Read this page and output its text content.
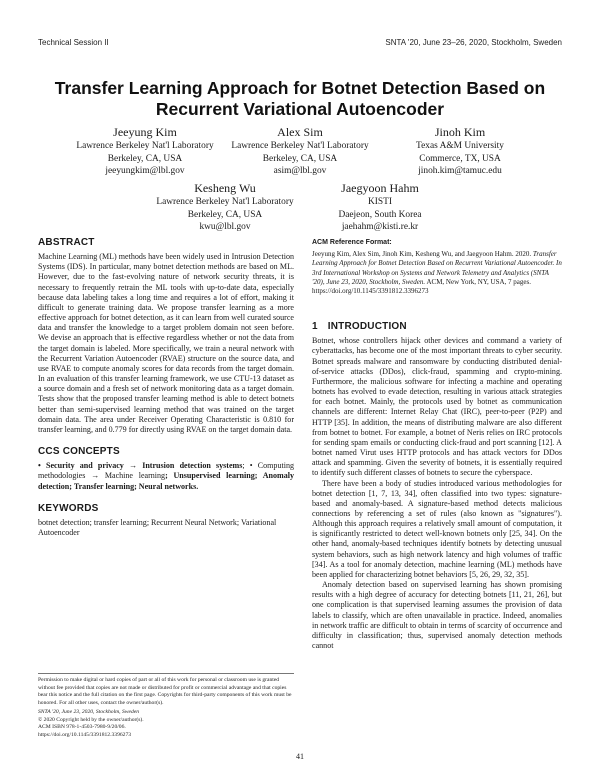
Technical Session II	SNTA '20, June 23–26, 2020, Stockholm, Sweden
Transfer Learning Approach for Botnet Detection Based on Recurrent Variational Autoencoder
Jeeyung Kim
Lawrence Berkeley Nat'l Laboratory
Berkeley, CA, USA
jeeyungkim@lbl.gov
Alex Sim
Lawrence Berkeley Nat'l Laboratory
Berkeley, CA, USA
asim@lbl.gov
Jinoh Kim
Texas A&M University
Commerce, TX, USA
jinoh.kim@tamuc.edu
Kesheng Wu
Lawrence Berkeley Nat'l Laboratory
Berkeley, CA, USA
kwu@lbl.gov
Jaegyoon Hahm
KISTI
Daejeon, South Korea
jaehahm@kisti.re.kr
ABSTRACT

Machine Learning (ML) methods have been widely used in Intrusion Detection Systems (IDS). In particular, many botnet detection methods are based on ML. However, due to the fast-evolving nature of network security threats, it is necessary to frequently retrain the ML tools with up-to-date data, especially because data labeling takes a long time and requires a lot of effort, making it difficult to generate training data. We propose transfer learning as a more effective approach for botnet detection, as it can learn from well curated source data and transfer the knowledge to a target problem domain not seen before. We devise an approach that is effective regardless whether or not the data from the target domain is labeled. More specifically, we train a neural network with the Recurrent Variation Autoencoder (RVAE) structure on the source data, and use RVAE to compute anomaly scores for data records from the target domain. In an evaluation of this transfer learning framework, we use CTU-13 dataset as a source domain and a fresh set of network monitoring data as a target domain. Tests show that the proposed transfer learning method is able to detect botnets better than semi-supervised learning method that was trained on the target domain data. The area under Receiver Operating Characteristic is 0.810 for transfer learning, and 0.779 for directly using RVAE on the target domain data.

CCS CONCEPTS

• Security and privacy → Intrusion detection systems; • Computing methodologies → Machine learning; Unsupervised learning; Anomaly detection; Transfer learning; Neural networks.

KEYWORDS

botnet detection; transfer learning; Recurrent Neural Network; Variational Autoencoder

Permission to make digital or hard copies of part or all of this work for personal or classroom use is granted without fee provided that copies are not made or distributed for profit or commercial advantage and that copies bear this notice and the full citation on the first page. Copyrights for third-party components of this work must be honored. For all other uses, contact the owner/author(s).
SNTA '20, June 23, 2020, Stockholm, Sweden
© 2020 Copyright held by the owner/author(s).
ACM ISBN 978-1-4503-7980-9/20/06.
https://doi.org/10.1145/3391812.3396273
ACM Reference Format:
Jeeyung Kim, Alex Sim, Jinoh Kim, Kesheng Wu, and Jaegyoon Hahm. 2020. Transfer Learning Approach for Botnet Detection Based on Recurrent Variational Autoencoder. In 3rd International Workshop on Systems and Network Telemetry and Analytics (SNTA '20), June 23, 2020, Stockholm, Sweden. ACM, New York, NY, USA, 7 pages. https://doi.org/10.1145/3391812.3396273
1 INTRODUCTION

Botnet, whose controllers hijack other devices and command a variety of cyberattacks, has become one of the most important threats to cyber security. Botnet spreads malware and ransomware by conducting distributed denial-of-service attacks (DDos), click-fraud, spamming and crypto-mining. Furthermore, the malicious software for infecting a machine and operating botnets has evolved to evade detection, resulting in various attack strategies for each botnet. Mainly, the protocols used by botnet as communication channels are different: Internet Relay Chat (IRC), peer-to-peer (P2P) and HTTP [35]. In addition, the means of distributing malware are also different from botnet to botnet. For example, a botnet of Neris relies on IRC protocols for sending spam emails or conducting click-fraud and port scanning [12]. A botnet named Virut uses HTTP protocols and has attack vectors for DDos attack and spamming. Given the severity of botnets, it is essentially required to identify such different classes of botnets to secure the cyberspace.

There have been a body of studies introduced various methodologies for botnet detection [1, 7, 13, 34], often classified into two types: signature-based and anomaly-based. A signature-based method detects malicious connections by referencing a set of rules (also known as "signatures"). Although this approach requires a relatively small amount of computation, it is significantly restricted to detect well-known botnets only [25, 34]. On the other hand, anomaly-based techniques identify botnets by detecting unusual system behaviors, such as high network latency and high volumes of traffic [34]. As a tool for anomaly detection, machine learning (ML) methods have been applied for characterizing botnet behaviors [5, 26, 29, 32, 35].

Anomaly detection based on supervised learning has shown promising results with a high degree of accuracy for detecting botnets [11, 21, 26], but one complication is that supervised learning assumes the provision of data labels to classify, which are often unavailable in practice. Indeed, anomalies in network traffic are difficult to obtain in terms of scarcity of occurrence and difficulty in classification; thus, supervised anomaly detection methods cannot

41
